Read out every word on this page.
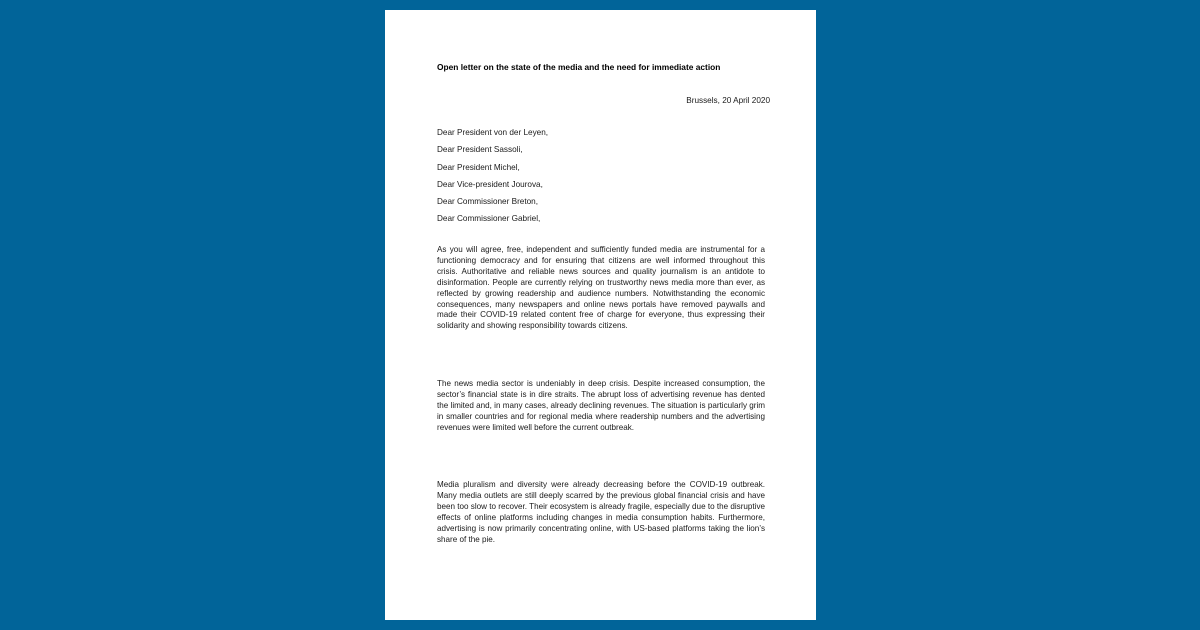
Open letter on the state of the media and the need for immediate action
Brussels, 20 April 2020
Dear President von der Leyen,
Dear President Sassoli,
Dear President Michel,
Dear Vice-president Jourova,
Dear Commissioner Breton,
Dear Commissioner Gabriel,

As you will agree, free, independent and sufficiently funded media are instrumental for a functioning democracy and for ensuring that citizens are well informed throughout this crisis. Authoritative and reliable news sources and quality journalism is an antidote to disinformation. People are currently relying on trustworthy news media more than ever, as reflected by growing readership and audience numbers. Notwithstanding the economic consequences, many newspapers and online news portals have removed paywalls and made their COVID-19 related content free of charge for everyone, thus expressing their solidarity and showing responsibility towards citizens.

The news media sector is undeniably in deep crisis. Despite increased consumption, the sector’s financial state is in dire straits. The abrupt loss of advertising revenue has dented the limited and, in many cases, already declining revenues. The situation is particularly grim in smaller countries and for regional media where readership numbers and the advertising revenues were limited well before the current outbreak.

Media pluralism and diversity were already decreasing before the COVID-19 outbreak. Many media outlets are still deeply scarred by the previous global financial crisis and have been too slow to recover. Their ecosystem is already fragile, especially due to the disruptive effects of online platforms including changes in media consumption habits. Furthermore, advertising is now primarily concentrating online, with US-based platforms taking the lion’s share of the pie.
